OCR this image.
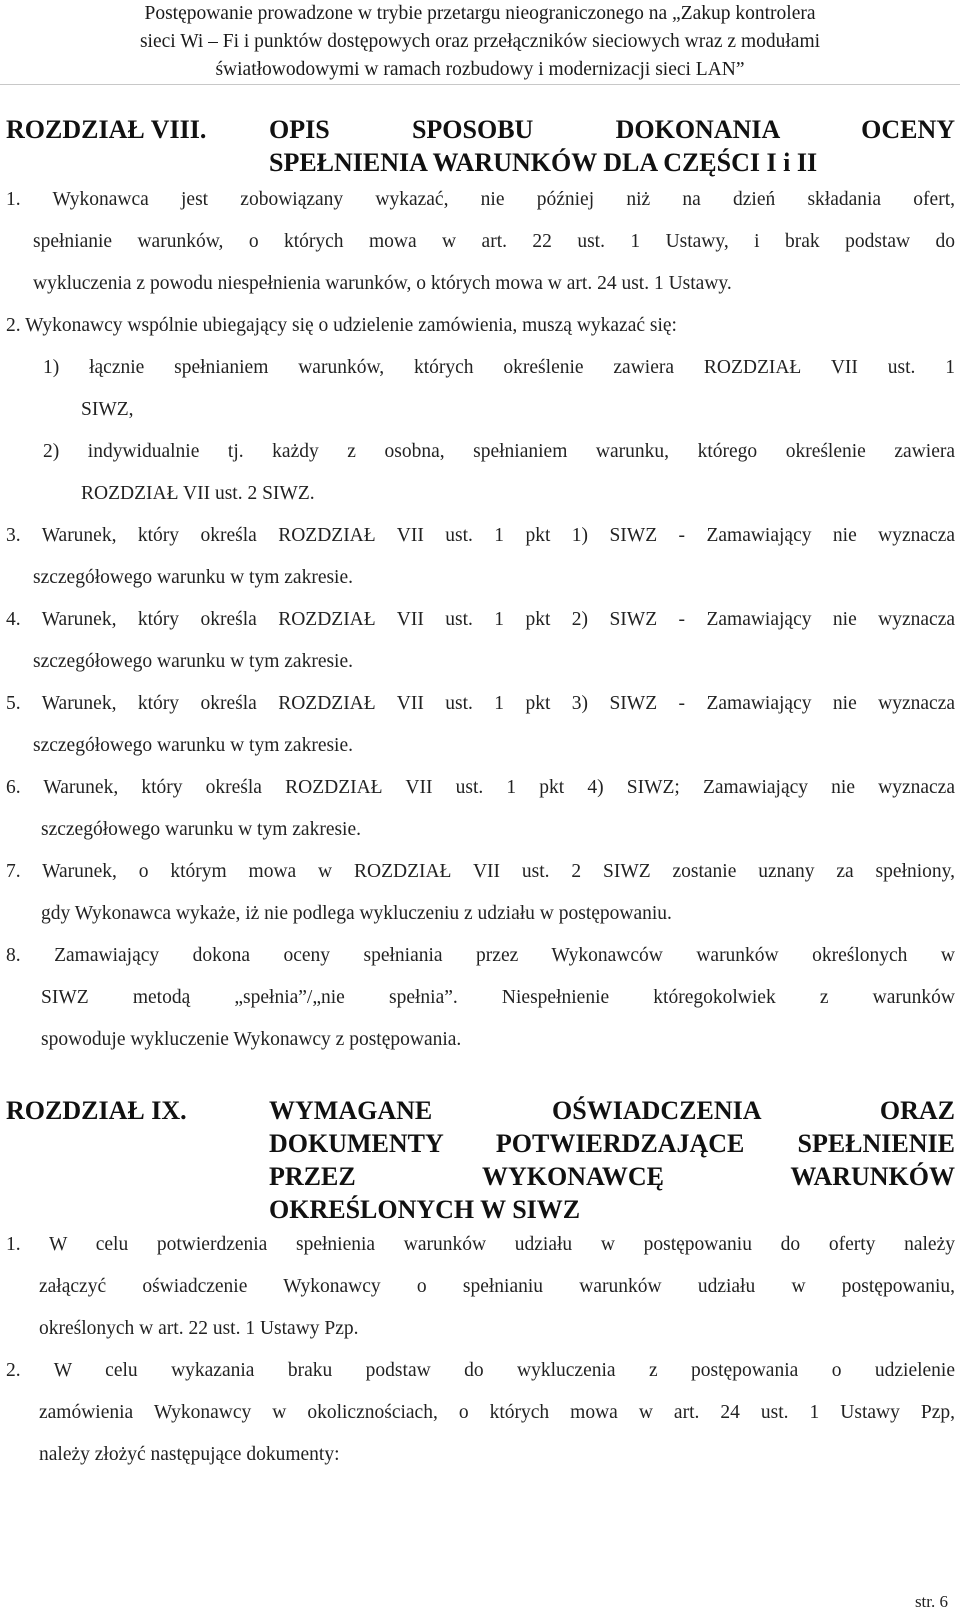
Postępowanie prowadzone w trybie przetargu nieograniczonego na „Zakup kontrolera
sieci Wi – Fi i punktów dostępowych oraz przełączników sieciowych wraz z modułami
światłowodowymi w ramach rozbudowy i modernizacji sieci LAN”
ROZDZIAŁ VIII. OPIS SPOSOBU DOKONANIA OCENY
SPEŁNIENIA WARUNKÓW DLA CZĘŚCI I i II
1. Wykonawca jest zobowiązany wykazać, nie później niż na dzień składania ofert,
spełnianie warunków, o których mowa w art. 22 ust. 1 Ustawy, i brak podstaw do
wykluczenia z powodu niespełnienia warunków, o których mowa w art. 24 ust. 1 Ustawy.
2. Wykonawcy wspólnie ubiegający się o udzielenie zamówienia, muszą wykazać się:
1) łącznie spełnianiem warunków, których określenie zawiera ROZDZIAŁ VII ust. 1
SIWZ,
2) indywidualnie tj. każdy z osobna, spełnianiem warunku, którego określenie zawiera
ROZDZIAŁ VII ust. 2 SIWZ.
3. Warunek, który określa ROZDZIAŁ VII ust. 1 pkt 1) SIWZ - Zamawiający nie wyznacza
szczegółowego warunku w tym zakresie.
4. Warunek, który określa ROZDZIAŁ VII ust. 1 pkt 2) SIWZ - Zamawiający nie wyznacza
szczegółowego warunku w tym zakresie.
5. Warunek, który określa ROZDZIAŁ VII ust. 1 pkt 3) SIWZ - Zamawiający nie wyznacza
szczegółowego warunku w tym zakresie.
6. Warunek, który określa ROZDZIAŁ VII ust. 1 pkt 4) SIWZ; Zamawiający nie wyznacza
szczegółowego warunku w tym zakresie.
7. Warunek, o którym mowa w ROZDZIAŁ VII ust. 2 SIWZ zostanie uznany za spełniony,
gdy Wykonawca wykaże, iż nie podlega wykluczeniu z udziału w postępowaniu.
8. Zamawiający dokona oceny spełniania przez Wykonawców warunków określonych w
SIWZ metodą „spełnia”/„nie spełnia”. Niespełnienie któregokolwiek z warunków
spowoduje wykluczenie Wykonawcy z postępowania.
ROZDZIAŁ IX.	WYMAGANE OŚWIADCZENIA ORAZ
DOKUMENTY POTWIERDZAJĄCE SPEŁNIENIE
PRZEZ WYKONAWCĘ WARUNKÓW
OKREŚLONYCH W SIWZ
1. W celu potwierdzenia spełnienia warunków udziału w postępowaniu do oferty należy
załączyć oświadczenie Wykonawcy o spełnianiu warunków udziału w postępowaniu,
określonych w art. 22 ust. 1 Ustawy Pzp.
2. W celu wykazania braku podstaw do wykluczenia z postępowania o udzielenie
zamówienia Wykonawcy w okolicznościach, o których mowa w art. 24 ust. 1 Ustawy Pzp,
należy złożyć następujące dokumenty:
str. 6
